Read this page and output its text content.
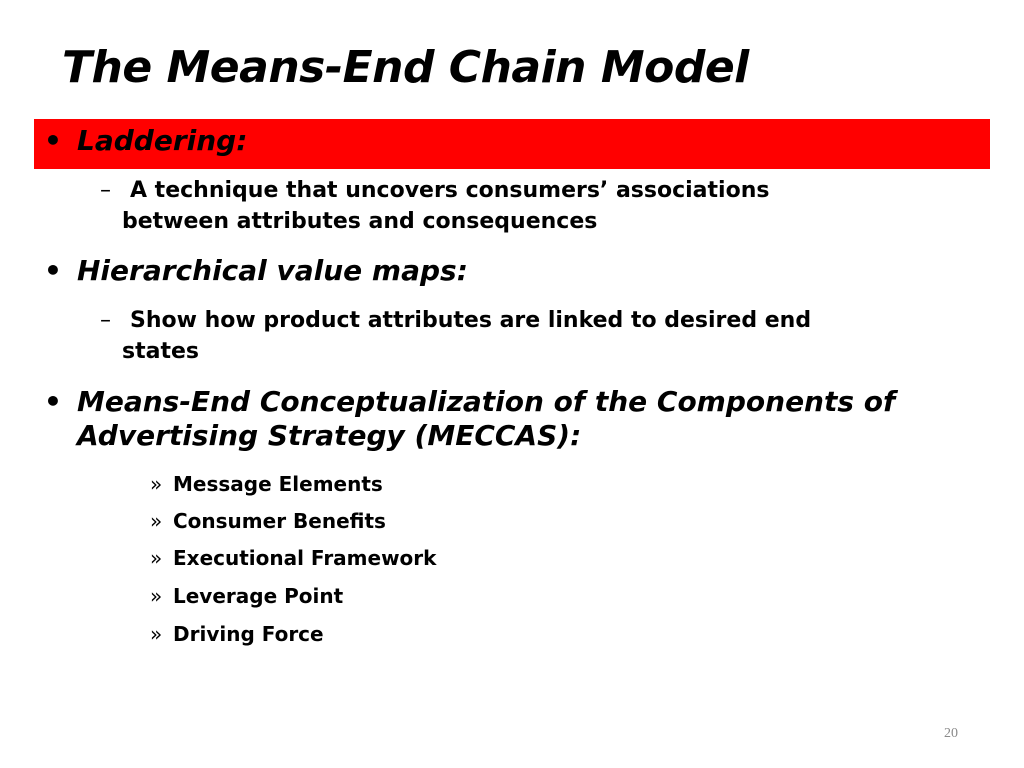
The Means-End Chain Model
• Laddering:
– A technique that uncovers consumers’ associations between attributes and consequences
• Hierarchical value maps:
– Show how product attributes are linked to desired end states
• Means-End Conceptualization of the Components of Advertising Strategy (MECCAS):
» Message Elements
» Consumer Benefits
» Executional Framework
» Leverage Point
» Driving Force
20
